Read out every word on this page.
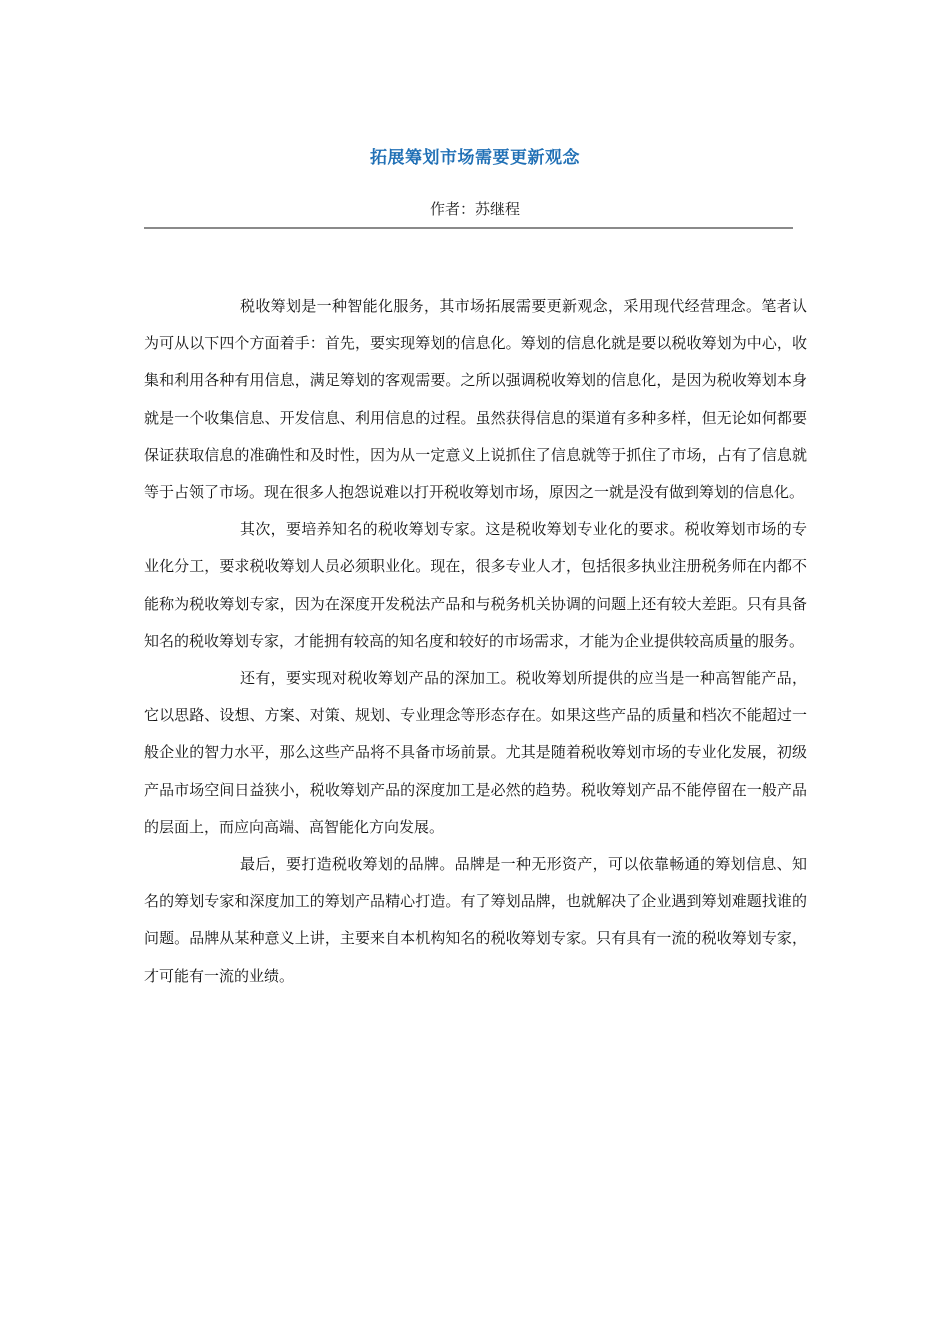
拓展筹划市场需要更新观念
作者：苏继程

税收筹划是一种智能化服务，其市场拓展需要更新观念，采用现代经营理念。笔者认为可从以下四个方面着手：首先，要实现筹划的信息化。筹划的信息化就是要以税收筹划为中心，收集和利用各种有用信息，满足筹划的客观需要。之所以强调税收筹划的信息化，是因为税收筹划本身就是一个收集信息、开发信息、利用信息的过程。虽然获得信息的渠道有多种多样，但无论如何都要保证获取信息的准确性和及时性，因为从一定意义上说抓住了信息就等于抓住了市场，占有了信息就等于占领了市场。现在很多人抱怨说难以打开税收筹划市场，原因之一就是没有做到筹划的信息化。

其次，要培养知名的税收筹划专家。这是税收筹划专业化的要求。税收筹划市场的专业化分工，要求税收筹划人员必须职业化。现在，很多专业人才，包括很多执业注册税务师在内都不能称为税收筹划专家，因为在深度开发税法产品和与税务机关协调的问题上还有较大差距。只有具备知名的税收筹划专家，才能拥有较高的知名度和较好的市场需求，才能为企业提供较高质量的服务。

还有，要实现对税收筹划产品的深加工。税收筹划所提供的应当是一种高智能产品，它以思路、设想、方案、对策、规划、专业理念等形态存在。如果这些产品的质量和档次不能超过一般企业的智力水平，那么这些产品将不具备市场前景。尤其是随着税收筹划市场的专业化发展，初级产品市场空间日益狭小，税收筹划产品的深度加工是必然的趋势。税收筹划产品不能停留在一般产品的层面上，而应向高端、高智能化方向发展。

最后，要打造税收筹划的品牌。品牌是一种无形资产，可以依靠畅通的筹划信息、知名的筹划专家和深度加工的筹划产品精心打造。有了筹划品牌，也就解决了企业遇到筹划难题找谁的问题。品牌从某种意义上讲，主要来自本机构知名的税收筹划专家。只有具有一流的税收筹划专家，才可能有一流的业绩。
